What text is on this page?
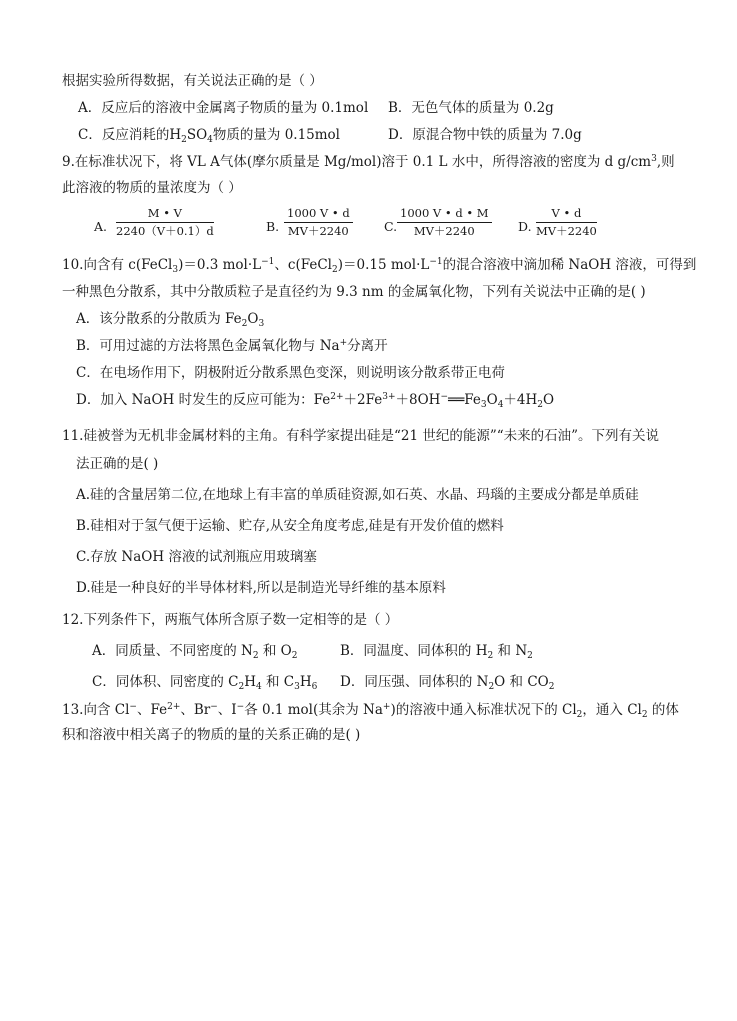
根据实验所得数据，有关说法正确的是（ ）
A．反应后的溶液中金属离子物质的量为 0.1mol B．无色气体的质量为 0.2g
C．反应消耗的$H_2SO_4$物质的量为 0.15mol	D．原混合物中铁的质量为 7.0g
9.在标准状况下，将 VL A气体(摩尔质量是 Mg/mol)溶于 0.1 L 水中，所得溶液的密度为 d $g/cm^3$,则
此溶液的物质的量浓度为（ ）
A. $\frac{M • V}{2240(V+0.1)d}$	B. $\frac{1000 V • d}{MV+2240}$	C. $\frac{1000 V • d • M}{MV+2240} D$. $\frac{V • d}{MV+2240}$
10.向含有 c(FeCl$_3$)＝0.3 $mol\cdot L^{-1}$、c(FeCl$_2$)＝0.15 $mol\cdot L^{-1}$的混合溶液中滴加稀 NaOH 溶液，可得到
一种黑色分散系，其中分散质粒子是直径约为 9.3 nm 的金属氧化物，下列有关说法中正确的是( )
A．该分散系的分散质为 $Fe_2O_3$
B．可用过滤的方法将黑色金属氧化物与 Na+分离开
C．在电场作用下，阴极附近分散系黑色变深，则说明该分散系带正电荷
D．加入 NaOH 时发生的反应可能为：$Fe^{2+}+2Fe^{3+}+8OH^-══Fe_3O_4+4H_2O$
11.硅被誉为无机非金属材料的主角。有科学家提出硅是“21 世纪的能源”“未来的石油”。下列有关说
法正确的是( )
A.硅的含量居第二位,在地球上有丰富的单质硅资源,如石英、水晶、玛瑙的主要成分都是单质硅
B.硅相对于氢气便于运输、贮存,从安全角度考虑,硅是有开发价值的燃料
C.存放 NaOH 溶液的试剂瓶应用玻璃塞
D.硅是一种良好的半导体材料,所以是制造光导纤维的基本原料
12.下列条件下，两瓶气体所含原子数一定相等的是（ ）
A．同质量、不同密度的 $N_2$ 和 $O_2$	B．同温度、同体积的 $H_2$ 和 $N_2$
C．同体积、同密度的 $C_2H_4$ 和 $C_3H_6$ D．同压强、同体积的 $N_2O$ 和 $CO_2$
13.向含 Cl−、$Fe^{2+}$、Br−、I−各 0.1 mol(其余为 Na+)的溶液中通入标准状况下的 $Cl_2$，通入 $Cl_2$ 的体
积和溶液中相关离子的物质的量的关系正确的是( )
